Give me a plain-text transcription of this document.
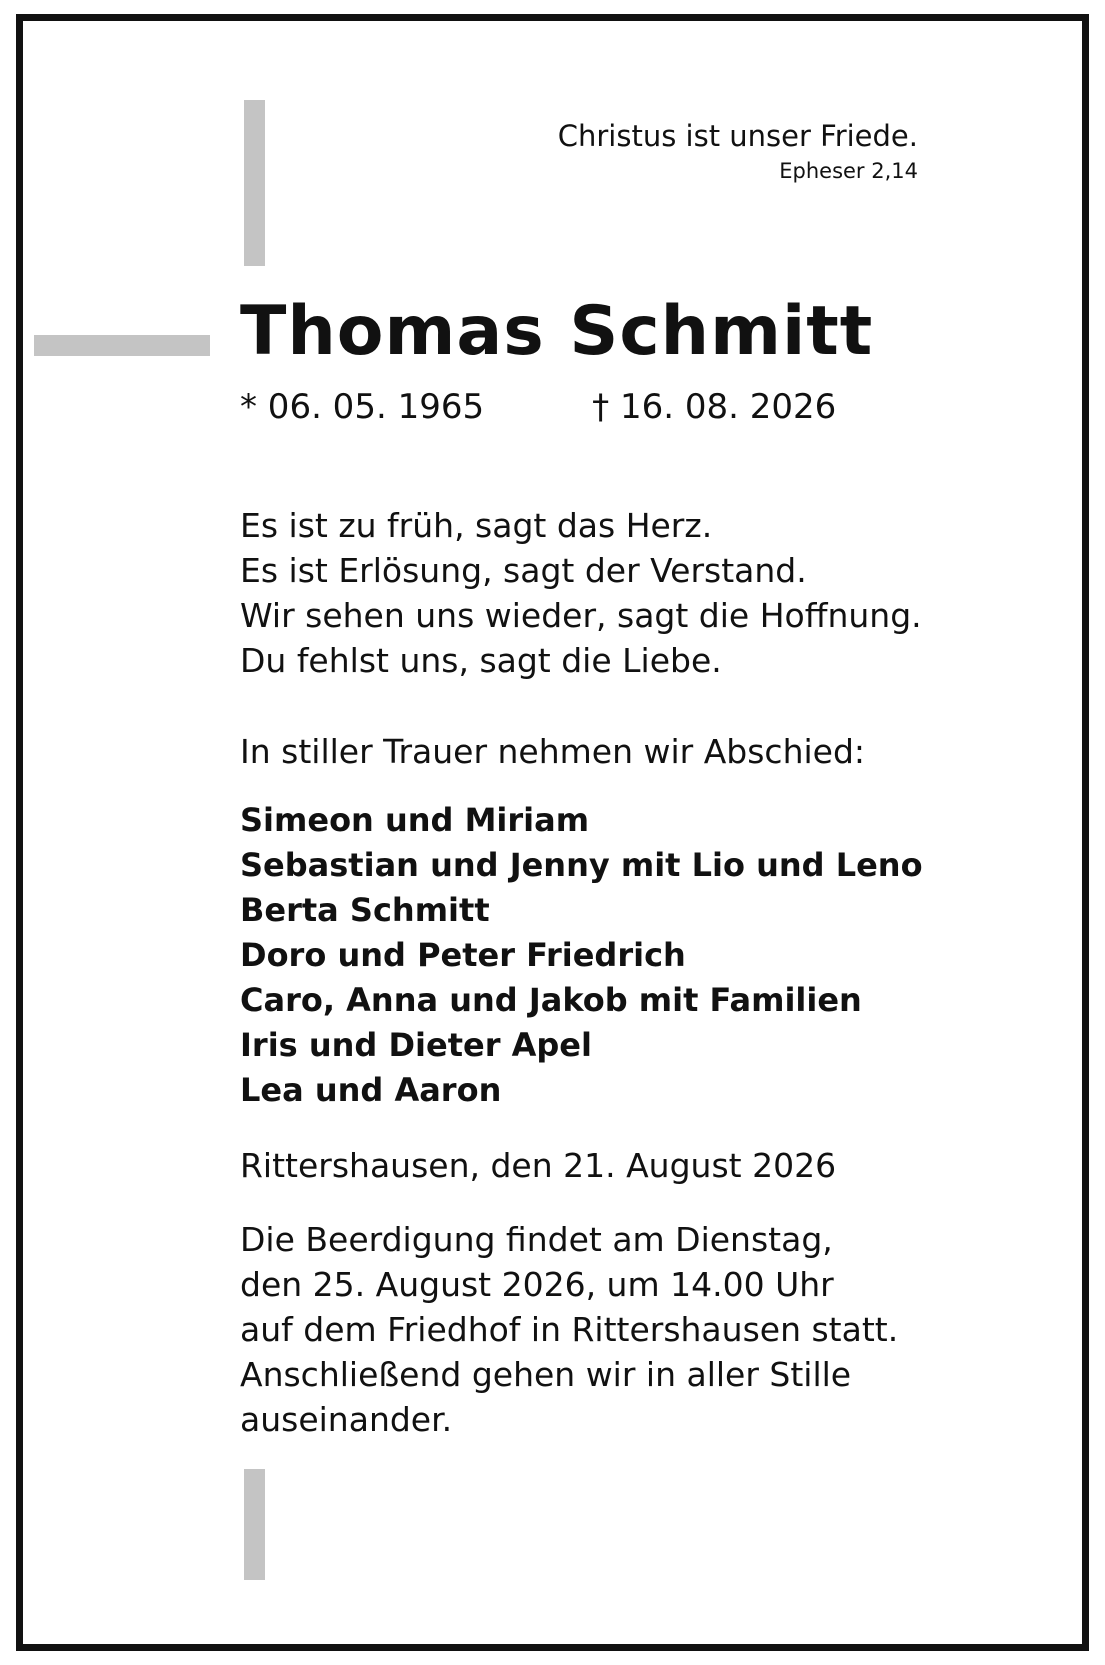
Christus ist unser Friede.

Epheser 2,14

Thomas Schmitt
* 06. 05. 1965	† 16. 08. 2026
Es ist zu früh, sagt das Herz.
Es ist Erlösung, sagt der Verstand.
Wir sehen uns wieder, sagt die Hoffnung.
Du fehlst uns, sagt die Liebe.
In stiller Trauer nehmen wir Abschied:
Simeon und Miriam
Sebastian und Jenny mit Lio und Leno
Berta Schmitt
Doro und Peter Friedrich
Caro, Anna und Jakob mit Familien
Iris und Dieter Apel
Lea und Aaron
Rittershausen, den 21. August 2026
Die Beerdigung findet am Dienstag,
den 25. August 2026, um 14.00 Uhr
auf dem Friedhof in Rittershausen statt.
Anschließend gehen wir in aller Stille
auseinander.
